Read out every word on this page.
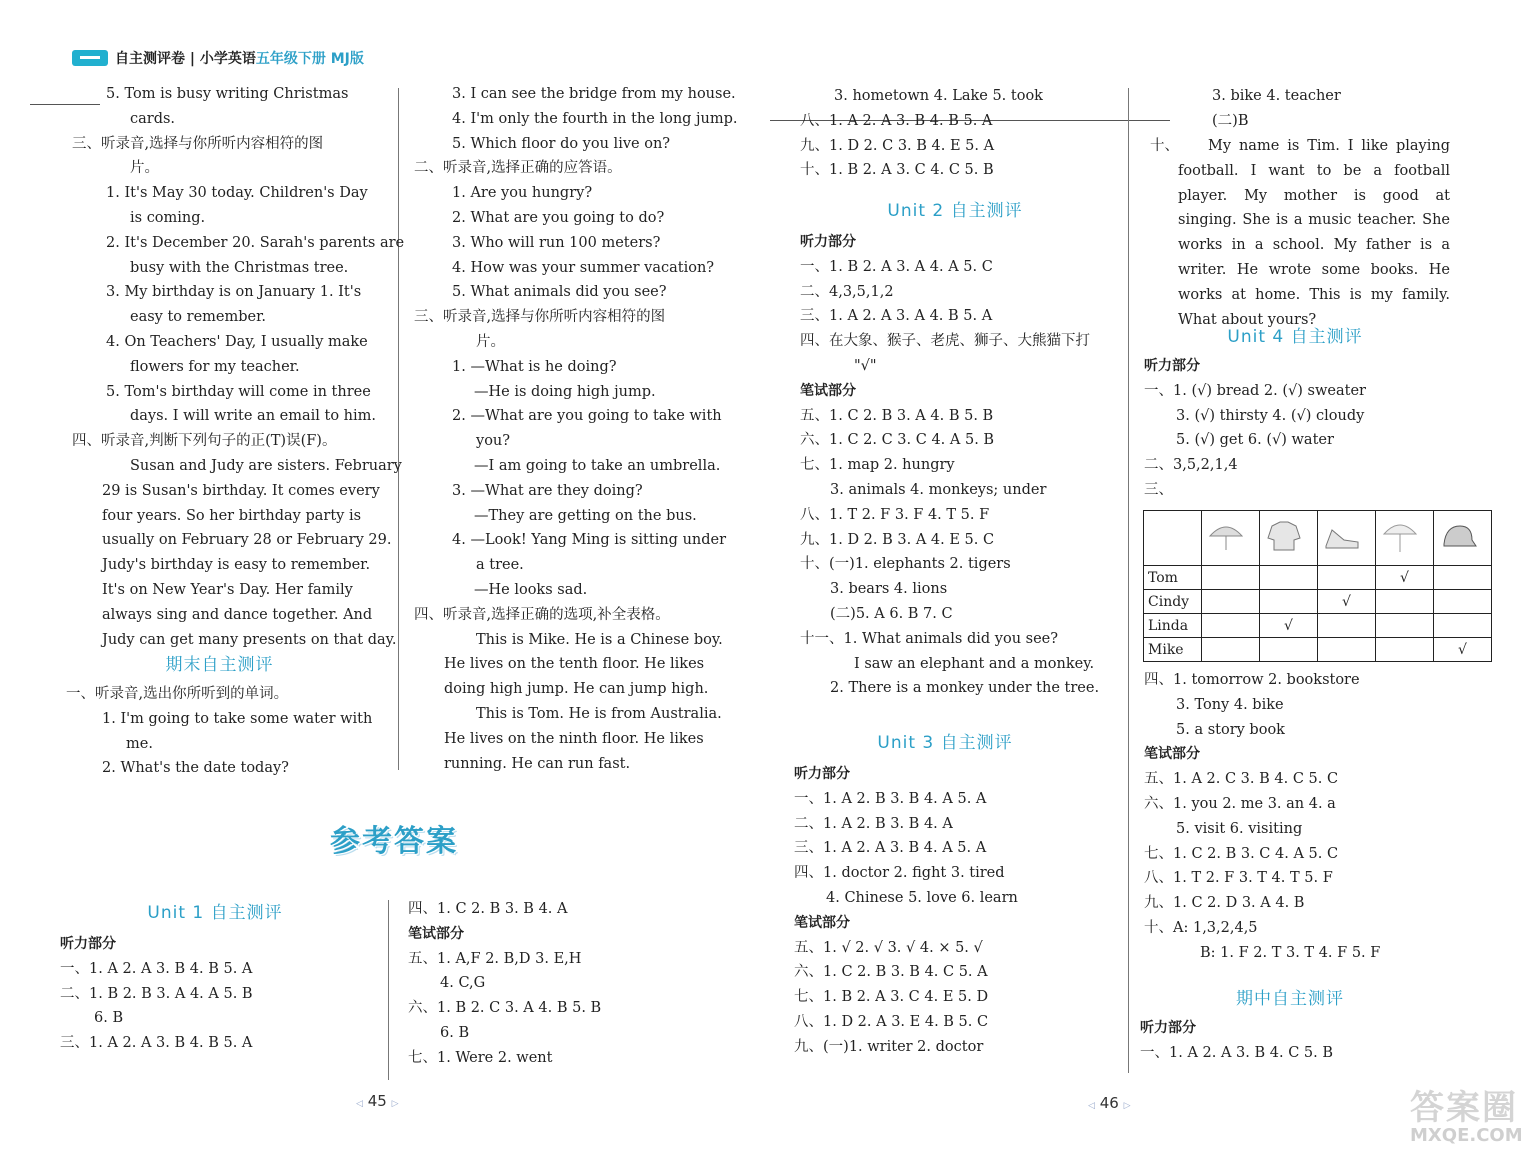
自主测评卷 | 小学英语五年级下册 MJ版
5. Tom is busy writing Christmas
cards.
三、听录音,选择与你所听内容相符的图
片。
1. It's May 30 today. Children's Day
is coming.
2. It's December 20. Sarah's parents are
busy with the Christmas tree.
3. My birthday is on January 1. It's
easy to remember.
4. On Teachers' Day, I usually make
flowers for my teacher.
5. Tom's birthday will come in three
days. I will write an email to him.
四、听录音,判断下列句子的正(T)误(F)。
Susan and Judy are sisters. February
29 is Susan's birthday. It comes every
four years. So her birthday party is
usually on February 28 or February 29.
Judy's birthday is easy to remember.
It's on New Year's Day. Her family
always sing and dance together. And
Judy can get many presents on that day.
期末自主测评
一、听录音,选出你所听到的单词。
1. I'm going to take some water with
me.
2. What's the date today?
3. I can see the bridge from my house.
4. I'm only the fourth in the long jump.
5. Which floor do you live on?
二、听录音,选择正确的应答语。
1. Are you hungry?
2. What are you going to do?
3. Who will run 100 meters?
4. How was your summer vacation?
5. What animals did you see?
三、听录音,选择与你所听内容相符的图
片。
1. —What is he doing?
—He is doing high jump.
2. —What are you going to take with
you?
—I am going to take an umbrella.
3. —What are they doing?
—They are getting on the bus.
4. —Look! Yang Ming is sitting under
a tree.
—He looks sad.
四、听录音,选择正确的选项,补全表格。
This is Mike. He is a Chinese boy.
He lives on the tenth floor. He likes
doing high jump. He can jump high.
This is Tom. He is from Australia.
He lives on the ninth floor. He likes
running. He can run fast.
参考答案
Unit 1 自主测评
听力部分
一、1. A 2. A 3. B 4. B 5. A
二、1. B 2. B 3. A 4. A 5. B
6. B
三、1. A 2. A 3. B 4. B 5. A
四、1. C 2. B 3. B 4. A
笔试部分
五、1. A,F 2. B,D 3. E,H
4. C,G
六、1. B 2. C 3. A 4. B 5. B
6. B
七、1. Were 2. went
◁ 45 ▷
3. hometown 4. Lake 5. took
八、1. A 2. A 3. B 4. B 5. A
九、1. D 2. C 3. B 4. E 5. A
十、1. B 2. A 3. C 4. C 5. B
Unit 2 自主测评
听力部分
一、1. B 2. A 3. A 4. A 5. C
二、4,3,5,1,2
三、1. A 2. A 3. A 4. B 5. A
四、在大象、猴子、老虎、狮子、大熊猫下打
"√"
笔试部分
五、1. C 2. B 3. A 4. B 5. B
六、1. C 2. C 3. C 4. A 5. B
七、1. map 2. hungry
3. animals 4. monkeys; under
八、1. T 2. F 3. F 4. T 5. F
九、1. D 2. B 3. A 4. E 5. C
十、(一)1. elephants 2. tigers
3. bears 4. lions
(二)5. A 6. B 7. C
十一、1. What animals did you see?
I saw an elephant and a monkey.
2. There is a monkey under the tree.
Unit 3 自主测评
听力部分
一、1. A 2. B 3. B 4. A 5. A
二、1. A 2. B 3. B 4. A
三、1. A 2. A 3. B 4. A 5. A
四、1. doctor 2. fight 3. tired
4. Chinese 5. love 6. learn
笔试部分
五、1. √ 2. √ 3. √ 4. × 5. √
六、1. C 2. B 3. B 4. C 5. A
七、1. B 2. A 3. C 4. E 5. D
八、1. D 2. A 3. E 4. B 5. C
九、(一)1. writer 2. doctor
3. bike 4. teacher
(二)B
十、	My name is Tim. I like playing football. I want to be a football player. My mother is good at singing. She is a music teacher. She works in a school. My father is a writer. He wrote some books. He works at home. This is my family. What about yours?
Unit 4 自主测评
听力部分
一、1. (√) bread 2. (√) sweater
3. (√) thirsty 4. (√) cloudy
5. (√) get 6. (√) water
二、3,5,2,1,4
三、

Tom				√	
Cindy			√		
Linda		√			
Mike					√
四、1. tomorrow 2. bookstore
3. Tony 4. bike
5. a story book
笔试部分
五、1. A 2. C 3. B 4. C 5. C
六、1. you 2. me 3. an 4. a
5. visit 6. visiting
七、1. C 2. B 3. C 4. A 5. C
八、1. T 2. F 3. T 4. T 5. F
九、1. C 2. D 3. A 4. B
十、A: 1,3,2,4,5
B: 1. F 2. T 3. T 4. F 5. F
期中自主测评
听力部分
一、1. A 2. A 3. B 4. C 5. B
◁ 46 ▷	答案圈
MXQE.COM
